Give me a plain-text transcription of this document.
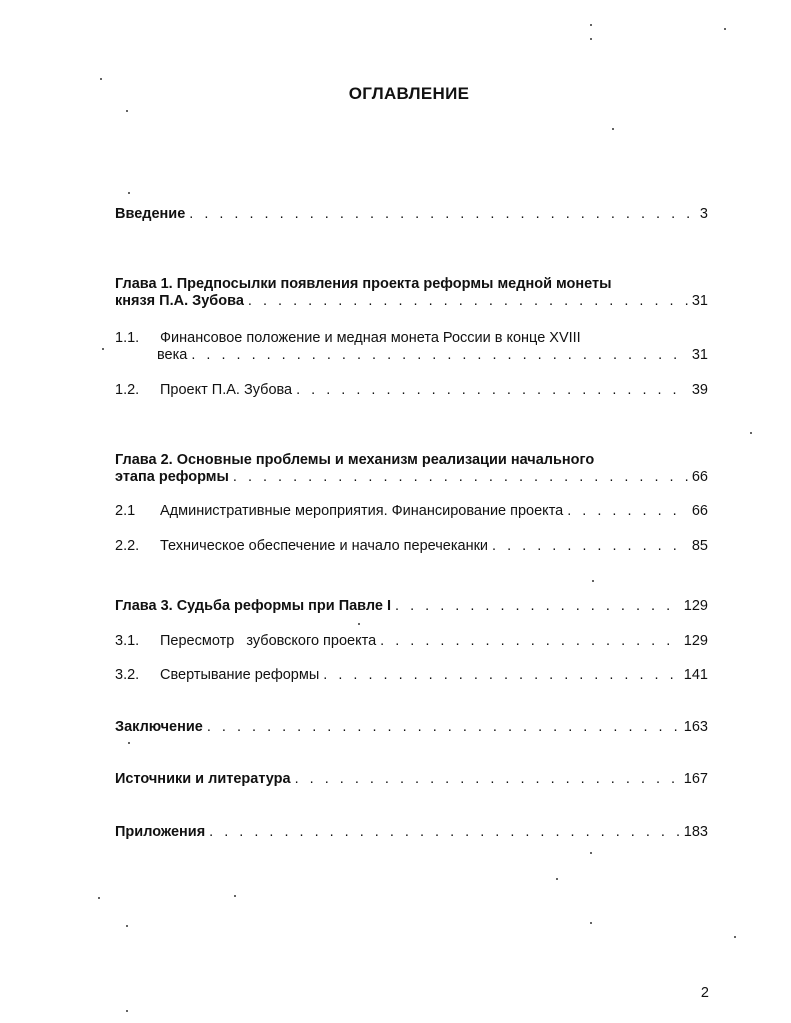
ОГЛАВЛЕНИЕ
Введение . . .	3
Глава 1. Предпосылки появления проекта реформы медной монеты
князя П.А. Зубова . . .	31
1.1.	Финансовое положение и медная монета России в конце XVIII
века . . .	31
1.2.	Проект П.А. Зубова . . .	39
Глава 2. Основные проблемы и механизм реализации начального
этапа реформы . . .	66
2.1	Административные мероприятия. Финансирование проекта . . .	66
2.2.	Техническое обеспечение и начало перечеканки . . .	85
Глава 3. Судьба реформы при Павле I . . .	129
3.1.	Пересмотр   зубовского проекта . . .	129
3.2.	Свертывание реформы . . .	141
Заключение . . .	163
Источники и литература . . .	167
Приложения . . .	183
2
